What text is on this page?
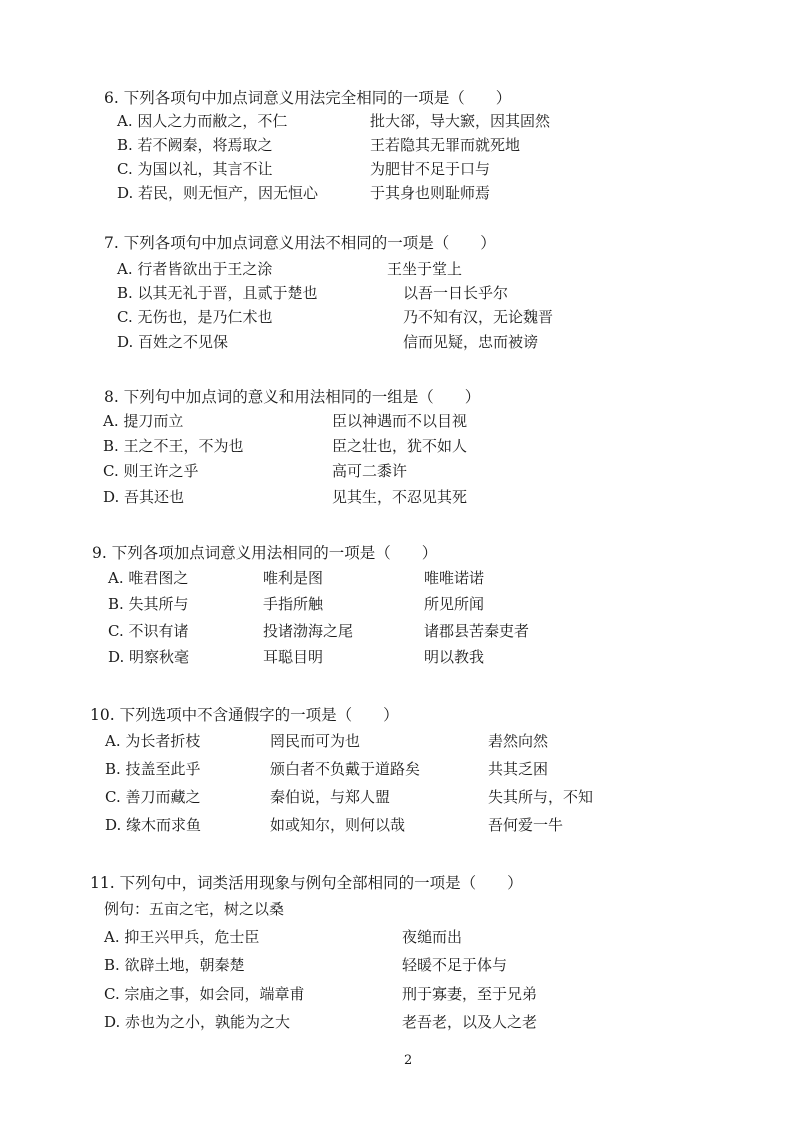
6. 下列各项句中加点词意义用法完全相同的一项是（　　）
A. 因人之力而敝之，不仁	批大郤，导大窾，因其固然
B. 若不阙秦，将焉取之	王若隐其无罪而就死地
C. 为国以礼，其言不让	为肥甘不足于口与
D. 若民，则无恒产，因无恒心	于其身也则耻师焉
7. 下列各项句中加点词意义用法不相同的一项是（　　）
A. 行者皆欲出于王之涂	王坐于堂上
B. 以其无礼于晋，且贰于楚也	以吾一日长乎尔
C. 无伤也，是乃仁术也	乃不知有汉，无论魏晋
D. 百姓之不见保	信而见疑，忠而被谤
8. 下列句中加点词的意义和用法相同的一组是（　　）
A. 提刀而立	臣以神遇而不以目视
B. 王之不王，不为也	臣之壮也，犹不如人
C. 则王许之乎	高可二黍许
D. 吾其还也	见其生，不忍见其死
9. 下列各项加点词意义用法相同的一项是（　　）
A. 唯君图之	唯利是图	唯唯诺诺
B. 失其所与	手指所触	所见所闻
C. 不识有诸	投诸渤海之尾	诸郡县苦秦吏者
D. 明察秋毫	耳聪目明	明以教我
10. 下列选项中不含通假字的一项是（　　）
A. 为长者折枝	罔民而可为也	砉然向然
B. 技盖至此乎	颁白者不负戴于道路矣	共其乏困
C. 善刀而藏之	秦伯说，与郑人盟	失其所与，不知
D. 缘木而求鱼	如或知尔，则何以哉	吾何爱一牛
11. 下列句中，词类活用现象与例句全部相同的一项是（　　）
例句：五亩之宅，树之以桑
A. 抑王兴甲兵，危士臣	夜缒而出
B. 欲辟土地，朝秦楚	轻暖不足于体与
C. 宗庙之事，如会同，端章甫	刑于寡妻，至于兄弟
D. 赤也为之小，孰能为之大	老吾老，以及人之老
2
